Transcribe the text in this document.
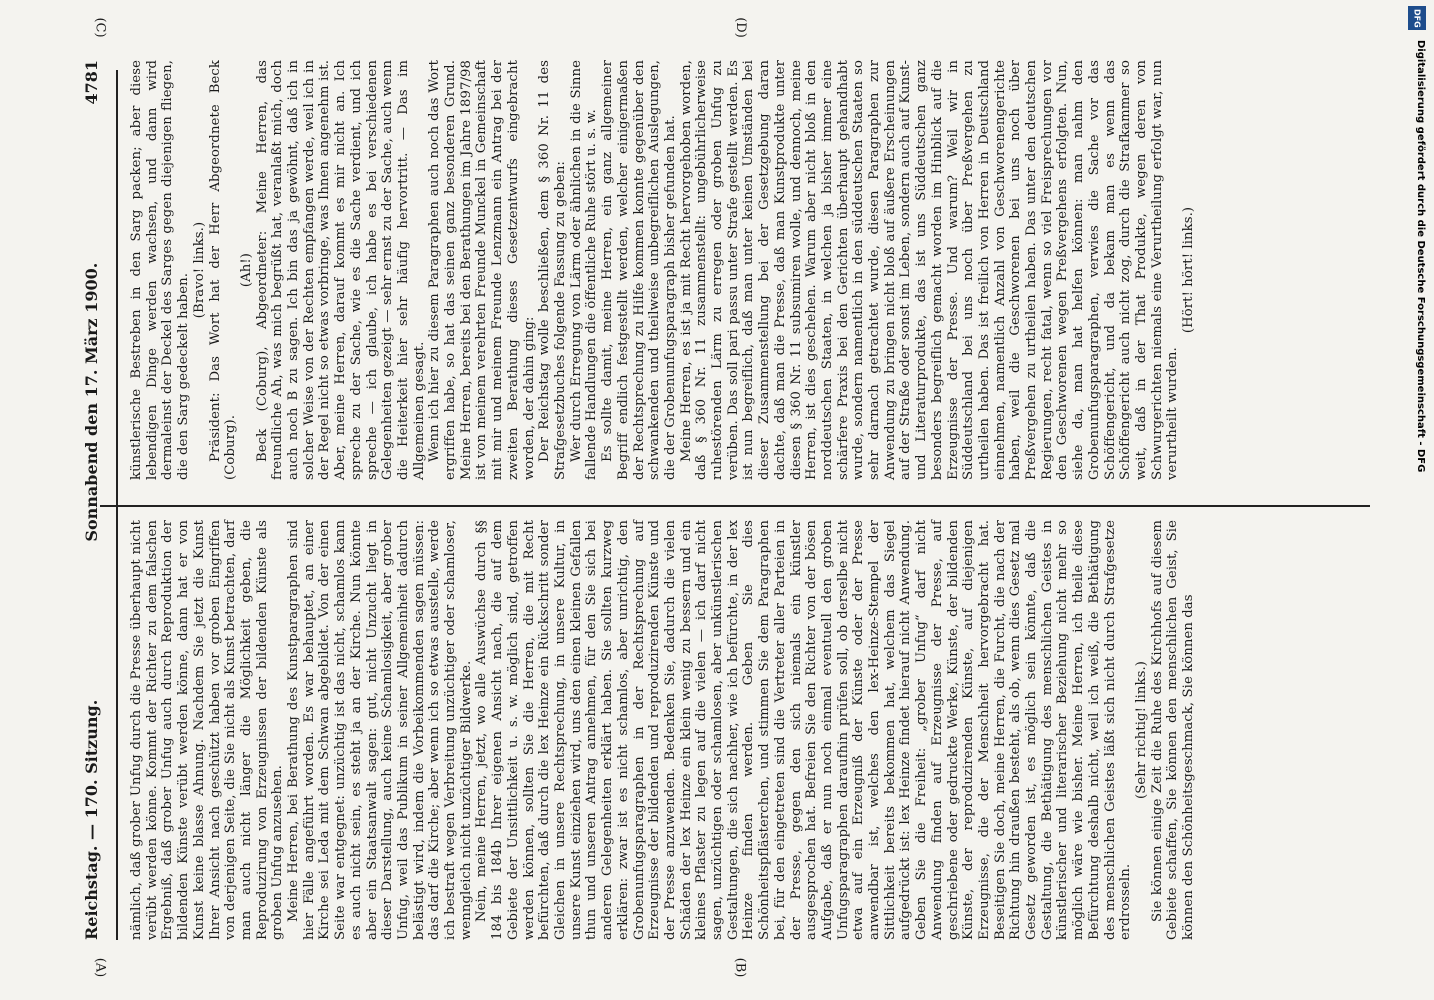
DFG
Digitalisierung gefördert durch die Deutsche Forschungsgemeinschaft - DFG
Reichstag. — 170. Sitzung.
Sonnabend den 17. März 1900.
4781

nämlich, daß grober Unfug durch die Presse überhaupt nicht verübt werden könne. Kommt der Richter zu dem falschen Ergebniß, daß grober Unfug auch durch Reproduktion der bildenden Künste verübt werden könne, dann hat er von Kunst keine blasse Ahnung. Nachdem Sie jetzt die Kunst Ihrer Ansicht nach geschützt haben vor groben Eingriffen von derjenigen Seite, die Sie nicht als Kunst betrachten, darf man auch nicht länger die Möglichkeit geben, die Reproduzirung von Erzeugnissen der bildenden Künste als groben Unfug anzusehen. Meine Herren, bei Berathung des Kunstparagraphen sind hier Fälle angeführt worden. Es war behauptet, an einer Kirche sei Leda mit dem Schwan abgebildet. Von der einen Seite war entgegnet: unzüchtig ist das nicht, schamlos kann es auch nicht sein, es steht ja an der Kirche. Nun könnte aber ein Staatsanwalt sagen: gut, nicht Unzucht liegt in dieser Darstellung, auch keine Schamlosigkeit, aber grober Unfug, weil das Publikum in seiner Allgemeinheit dadurch belästigt wird, indem die Vorbeikommenden sagen müssen: das darf die Kirche; aber wenn ich so etwas ausstelle, werde ich bestraft wegen Verbreitung unzüchtiger oder schamloser, wenngleich nicht unzüchtiger Bildwerke. Nein, meine Herren, jetzt, wo alle Auswüchse durch §§ 184 bis 184b Ihrer eigenen Ansicht nach, die auf dem Gebiete der Unsittlichkeit u. s. w. möglich sind, getroffen werden können, sollten Sie die Herren, die mit Recht befürchten, daß durch die lex Heinze ein Rückschritt sonder Gleichen in unsere Rechtsprechung, in unsere Kultur, in unsere Kunst einziehen wird, uns den einen kleinen Gefallen thun und unseren Antrag annehmen, für den Sie sich bei anderen Gelegenheiten erklärt haben. Sie sollten kurzweg erklären: zwar ist es nicht schamlos, aber unrichtig, den Grobenunfugsparagraphen in der Rechtsprechung auf Erzeugnisse der bildenden und reproduzirenden Künste und der Presse anzuwenden. Bedenken Sie, dadurch die vielen Schäden der lex Heinze ein klein wenig zu bessern und ein kleines Pflaster zu legen auf die vielen — ich darf nicht sagen, unzüchtigen oder schamlosen, aber unkünstlerischen Gestaltungen, die sich nachher, wie ich befürchte, in der lex Heinze finden werden. Geben Sie dies Schönheitspflästerchen, und stimmen Sie dem Paragraphen bei, für den eingetreten sind die Vertreter aller Parteien in der Presse, gegen den sich niemals ein künstler ausgesprochen hat. Befreien Sie den Richter von der bösen Aufgabe, daß er nun noch einmal eventuell den groben Unfugsparagraphen daraufhin prüfen soll, ob derselbe nicht etwa auf ein Erzeugniß der Künste oder der Presse anwendbar ist, welches den lex-Heinze-Stempel der Sittlichkeit bereits bekommen hat, welchem das Siegel aufgedrückt ist: lex Heinze findet hierauf nicht Anwendung. Geben Sie die Freiheit: „grober Unfug“ darf nicht Anwendung finden auf Erzeugnisse der Presse, auf geschriebene oder gedruckte Werke, Künste, der bildenden Künste, der reproduzirenden Künste, auf diejenigen Erzeugnisse, die der Menschheit hervorgebracht hat. Beseitigen Sie doch, meine Herren, die Furcht, die nach der Richtung hin draußen besteht, als ob, wenn dies Gesetz mal Gesetz geworden ist, es möglich sein könnte, daß die Gestaltung, die Bethätigung des menschlichen Geistes in künstlerischer und literarischer Beziehung nicht mehr so möglich wäre wie bisher. Meine Herren, ich theile diese Befürchtung deshalb nicht, weil ich weiß, die Bethätigung des menschlichen Geistes läßt sich nicht durch Strafgesetze erdrosseln.

(Sehr richtig! links.) Sie können einige Zeit die Ruhe des Kirchhofs auf diesem Gebiete schaffen, Sie können den menschlichen Geist, Sie können den Schönheitsgeschmack, Sie können das

künstlerische Bestreben in den Sarg packen; aber diese lebendigen Dinge werden wachsen, und dann wird dermaleinst der Deckel des Sarges gegen diejenigen fliegen, die den Sarg gedeckelt haben.

(Bravo! links.) Präsident: Das Wort hat der Herr Abgeordnete Beck (Coburg).

(Ah!) Beck (Coburg), Abgeordneter: Meine Herren, das freundliche Ah, was mich begrüßt hat, veranlaßt mich, doch auch noch B zu sagen. Ich bin das ja gewöhnt, daß ich in solcher Weise von der Rechten empfangen werde, weil ich in der Regel nicht so etwas vorbringe, was Ihnen angenehm ist. Aber, meine Herren, darauf kommt es mir nicht an. Ich spreche zu der Sache, wie es die Sache verdient, und ich spreche — ich glaube, ich habe es bei verschiedenen Gelegenheiten gezeigt — sehr ernst zu der Sache, auch wenn die Heiterkeit hier sehr häufig hervortritt. — Das im Allgemeinen gesagt. Wenn ich hier zu diesem Paragraphen auch noch das Wort ergriffen habe, so hat das seinen ganz besonderen Grund. Meine Herren, bereits bei den Berathungen im Jahre 1897/98 ist von meinem verehrten Freunde Munckel in Gemeinschaft mit mir und meinem Freunde Lenzmann ein Antrag bei der zweiten Berathung dieses Gesetzentwurfs eingebracht worden, der dahin ging: Der Reichstag wolle beschließen, dem § 360 Nr. 11 des Strafgesetzbuches folgende Fassung zu geben: Wer durch Erregung von Lärm oder ähnlichen in die Sinne fallende Handlungen die öffentliche Ruhe stört u. s. w. Es sollte damit, meine Herren, ein ganz allgemeiner Begriff endlich festgestellt werden, welcher einigermaßen der Rechtsprechung zu Hilfe kommen konnte gegenüber den schwankenden und theilweise unbegreiflichen Auslegungen, die der Grobenunfugsparagraph bisher gefunden hat. Meine Herren, es ist ja mit Recht hervorgehoben worden, daß § 360 Nr. 11 zusammenstellt: ungebührlicherweise ruhestörenden Lärm zu erregen oder groben Unfug zu verüben. Das soll pari passu unter Strafe gestellt werden. Es ist nun begreiflich, daß man unter keinen Umständen bei dieser Zusammenstellung bei der Gesetzgebung daran dachte, daß man die Presse, daß man Kunstprodukte unter diesen § 360 Nr. 11 subsumiren wolle, und dennoch, meine Herren, ist dies geschehen. Warum aber nicht bloß in den norddeutschen Staaten, in welchen ja bisher immer eine schärfere Praxis bei den Gerichten überhaupt gehandhabt wurde, sondern namentlich in den süddeutschen Staaten so sehr darnach getrachtet wurde, diesen Paragraphen zur Anwendung zu bringen nicht bloß auf äußere Erscheinungen auf der Straße oder sonst im Leben, sondern auch auf Kunst- und Literaturprodukte, das ist uns Süddeutschen ganz besonders begreiflich gemacht worden im Hinblick auf die Erzeugnisse der Presse. Und warum? Weil wir in Süddeutschland bei uns noch über Preßvergehen zu urtheilen haben. Das ist freilich von Herren in Deutschland einnehmen, namentlich Anzahl von Geschworenengerichte haben, weil die Geschworenen bei uns noch über Preßvergehen zu urtheilen haben. Das unter den deutschen Regierungen, recht fatal, wenn so viel Freisprechungen vor den Geschworenen wegen Preßvergehens erfolgten. Nun, siehe da, man hat helfen können: man nahm den Grobenunfugsparagraphen, verwies die Sache vor das Schöffengericht, und da bekam man es wenn das Schöffengericht auch nicht zog, durch die Strafkammer so weit, daß in der That Produkte, wegen deren von Schwurgerichten niemals eine Verurtheilung erfolgt war, nun verurtheilt wurden.

(Hört! hört! links.)

(A)	(B)
(C)	(D)
